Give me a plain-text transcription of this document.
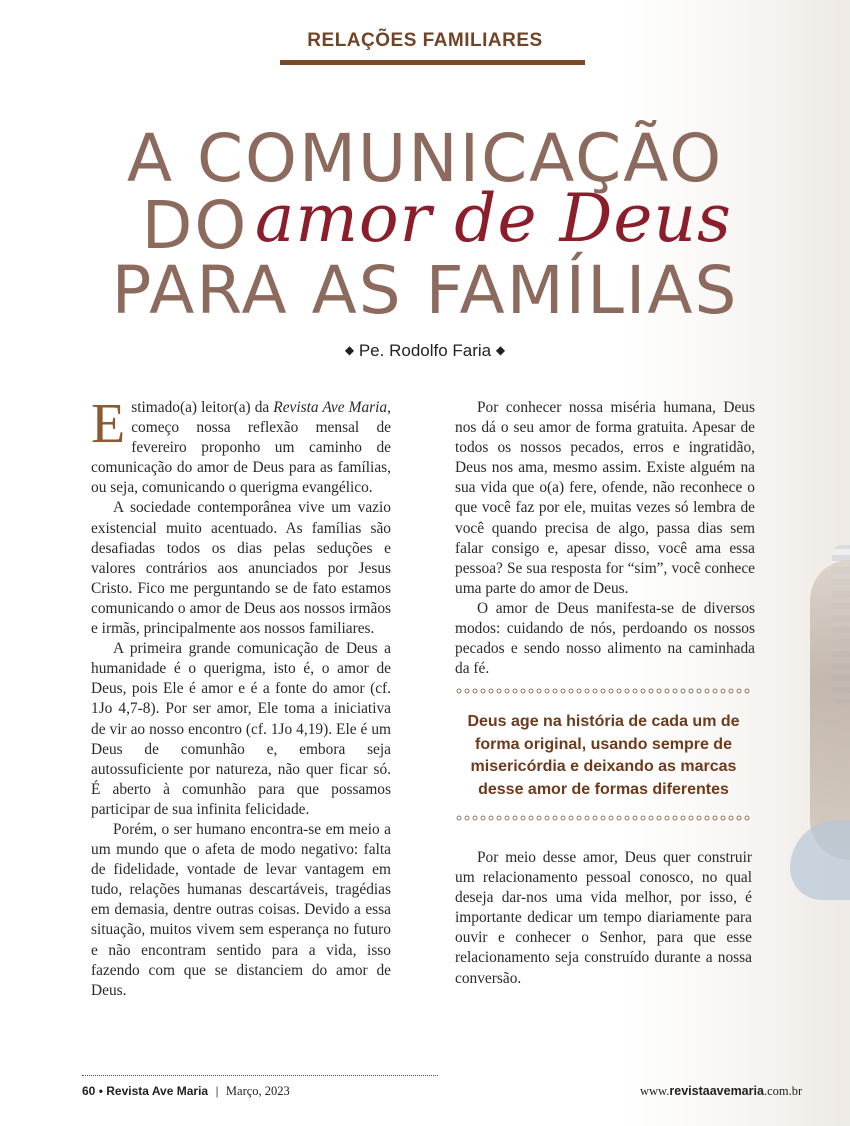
RELAÇÕES FAMILIARES
A COMUNICAÇÃO
DO amor de Deus
PARA AS FAMÍLIAS
◆ Pe. Rodolfo Faria ◆

Estimado(a) leitor(a) da Revista Ave Maria, começo nossa reflexão mensal de fevereiro proponho um caminho de comunicação do amor de Deus para as famílias, ou seja, comunicando o querigma evangélico.

A sociedade contemporânea vive um vazio existencial muito acentuado. As famílias são desafiadas todos os dias pelas seduções e valores contrários aos anunciados por Jesus Cristo. Fico me perguntando se de fato estamos comunicando o amor de Deus aos nossos irmãos e irmãs, principalmente aos nossos familiares.

A primeira grande comunicação de Deus a humanidade é o querigma, isto é, o amor de Deus, pois Ele é amor e é a fonte do amor (cf. 1Jo 4,7-8). Por ser amor, Ele toma a iniciativa de vir ao nosso encontro (cf. 1Jo 4,19). Ele é um Deus de comunhão e, embora seja autossuficiente por natureza, não quer ficar só. É aberto à comunhão para que possamos participar de sua infinita felicidade.

Porém, o ser humano encontra-se em meio a um mundo que o afeta de modo negativo: falta de fidelidade, vontade de levar vantagem em tudo, relações humanas descartáveis, tragédias em demasia, dentre outras coisas. Devido a essa situação, muitos vivem sem esperança no futuro e não encontram sentido para a vida, isso fazendo com que se distanciem do amor de Deus.

Por conhecer nossa miséria humana, Deus nos dá o seu amor de forma gratuita. Apesar de todos os nossos pecados, erros e ingratidão, Deus nos ama, mesmo assim. Existe alguém na sua vida que o(a) fere, ofende, não reconhece o que você faz por ele, muitas vezes só lembra de você quando precisa de algo, passa dias sem falar consigo e, apesar disso, você ama essa pessoa? Se sua resposta for “sim”, você conhece uma parte do amor de Deus.

O amor de Deus manifesta-se de diversos modos: cuidando de nós, perdoando os nossos pecados e sendo nosso alimento na caminhada da fé.

Deus age na história de cada um de forma original, usando sempre de misericórdia e deixando as marcas desse amor de formas diferentes

Por meio desse amor, Deus quer construir um relacionamento pessoal conosco, no qual deseja dar-nos uma vida melhor, por isso, é importante dedicar um tempo diariamente para ouvir e conhecer o Senhor, para que esse relacionamento seja construído durante a nossa conversão.

60 • Revista Ave Maria | Março, 2023	www.revistaavemaria.com.br
